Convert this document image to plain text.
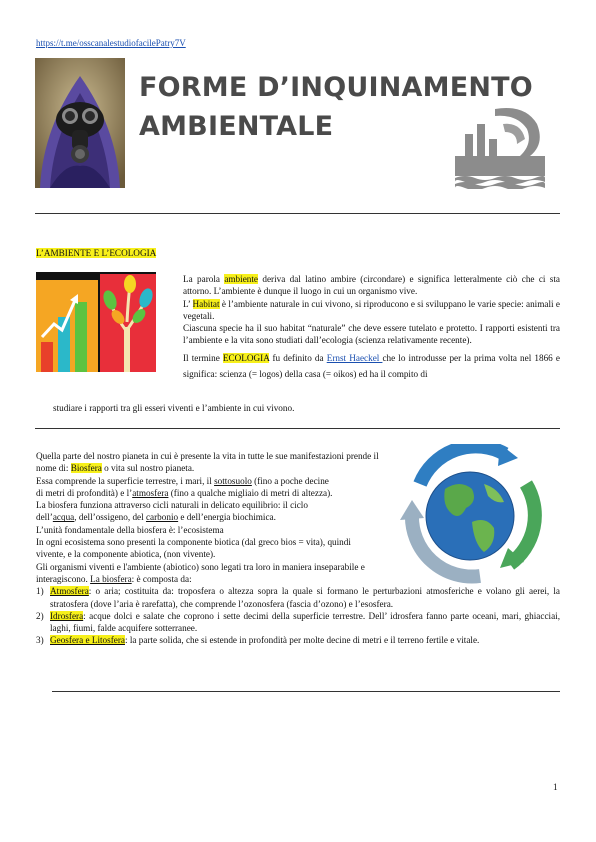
https://t.me/osscanalestudiofacilePatry7V
FORME D’INQUINAMENTO
AMBIENTALE
L’AMBIENTE E L’ECOLOGIA

La parola ambiente deriva dal latino ambire (circondare) e significa letteralmente ciò che ci sta attorno. L’ambiente è dunque il luogo in cui un organismo vive.

L’ Habitat è l’ambiente naturale in cui vivono, si riproducono e si sviluppano le varie specie: animali e vegetali.

Ciascuna specie ha il suo habitat “naturale” che deve essere tutelato e protetto. I rapporti esistenti tra l’ambiente e la vita sono studiati dall’ecologia (scienza relativamente recente).

Il termine ECOLOGIA fu definito da Ernst Haeckel che lo introdusse per la prima volta nel 1866 e significa: scienza (= logos) della casa (= oikos) ed ha il compito di

studiare i rapporti tra gli esseri viventi e l’ambiente in cui vivono.

Quella parte del nostro pianeta in cui è presente la vita in tutte le sue manifestazioni prende il

nome di: Biosfera o vita sul nostro pianeta.

Essa comprende la superficie terrestre, i mari, il sottosuolo (fino a poche decine

di metri di profondità) e l’atmosfera (fino a qualche migliaio di metri di altezza).

La biosfera funziona attraverso cicli naturali in delicato equilibrio: il ciclo

dell’acqua, dell’ossigeno, del carbonio e dell’energia biochimica.

L’unità fondamentale della biosfera è: l’ecosistema

In ogni ecosistema sono presenti la componente biotica (dal greco bios = vita), quindi

vivente, e la componente abiotica, (non vivente).

Gli organismi viventi e l'ambiente (abiotico) sono legati tra loro in maniera inseparabile e

interagiscono. La biosfera: è composta da:

1) Atmosfera: o aria; costituita da: troposfera o altezza sopra la quale si formano le perturbazioni atmosferiche e volano gli aerei, la stratosfera (dove l’aria è rarefatta), che comprende l’ozonosfera (fascia d’ozono) e l’esosfera.
2) Idrosfera: acque dolci e salate che coprono i sette decimi della superficie terrestre. Dell’ idrosfera fanno parte oceani, mari, ghiacciai, laghi, fiumi, falde acquifere sotterranee.
3) Geosfera e Litosfera: la parte solida, che si estende in profondità per molte decine di metri e il terreno fertile e vitale.
1
